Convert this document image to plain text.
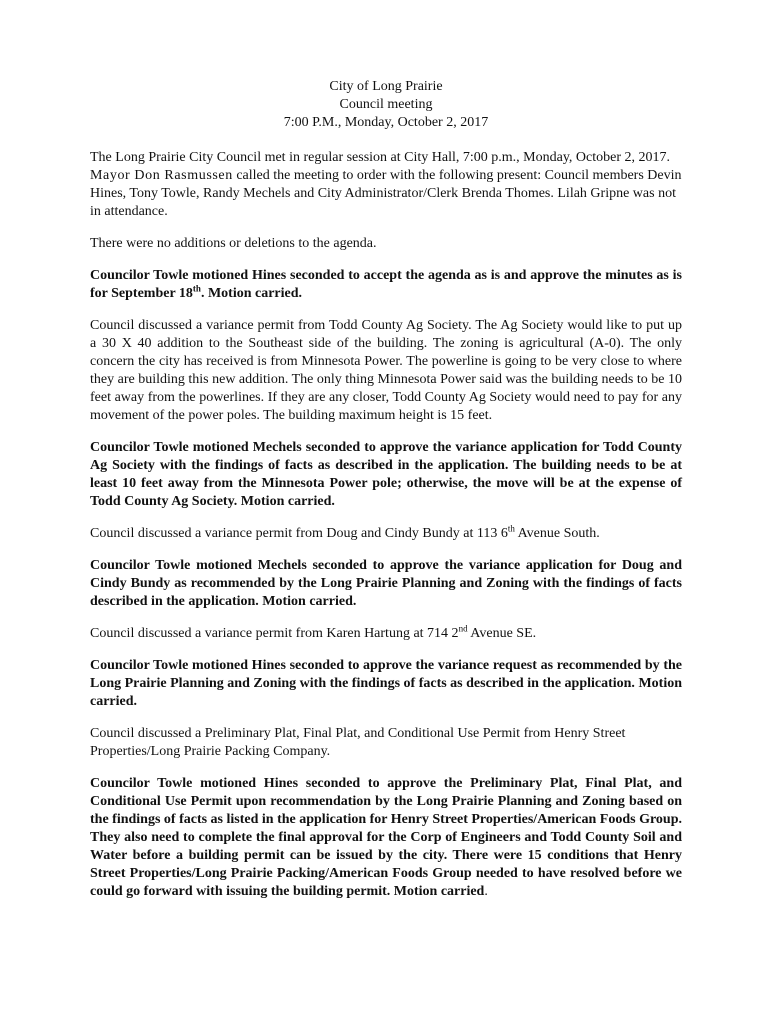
City of Long Prairie
Council meeting
7:00 P.M., Monday, October 2, 2017

The Long Prairie City Council met in regular session at City Hall, 7:00 p.m., Monday, October 2, 2017. Mayor Don Rasmussen called the meeting to order with the following present: Council members Devin Hines, Tony Towle, Randy Mechels and City Administrator/Clerk Brenda Thomes. Lilah Gripne was not in attendance.

There were no additions or deletions to the agenda.

Councilor Towle motioned Hines seconded to accept the agenda as is and approve the minutes as is for September 18th. Motion carried.

Council discussed a variance permit from Todd County Ag Society. The Ag Society would like to put up a 30 X 40 addition to the Southeast side of the building. The zoning is agricultural (A-0). The only concern the city has received is from Minnesota Power. The powerline is going to be very close to where they are building this new addition. The only thing Minnesota Power said was the building needs to be 10 feet away from the powerlines. If they are any closer, Todd County Ag Society would need to pay for any movement of the power poles. The building maximum height is 15 feet.

Councilor Towle motioned Mechels seconded to approve the variance application for Todd County Ag Society with the findings of facts as described in the application. The building needs to be at least 10 feet away from the Minnesota Power pole; otherwise, the move will be at the expense of Todd County Ag Society. Motion carried.

Council discussed a variance permit from Doug and Cindy Bundy at 113 6th Avenue South.

Councilor Towle motioned Mechels seconded to approve the variance application for Doug and Cindy Bundy as recommended by the Long Prairie Planning and Zoning with the findings of facts described in the application. Motion carried.

Council discussed a variance permit from Karen Hartung at 714 2nd Avenue SE.

Councilor Towle motioned Hines seconded to approve the variance request as recommended by the Long Prairie Planning and Zoning with the findings of facts as described in the application. Motion carried.

Council discussed a Preliminary Plat, Final Plat, and Conditional Use Permit from Henry Street Properties/Long Prairie Packing Company.

Councilor Towle motioned Hines seconded to approve the Preliminary Plat, Final Plat, and Conditional Use Permit upon recommendation by the Long Prairie Planning and Zoning based on the findings of facts as listed in the application for Henry Street Properties/American Foods Group. They also need to complete the final approval for the Corp of Engineers and Todd County Soil and Water before a building permit can be issued by the city. There were 15 conditions that Henry Street Properties/Long Prairie Packing/American Foods Group needed to have resolved before we could go forward with issuing the building permit. Motion carried.
